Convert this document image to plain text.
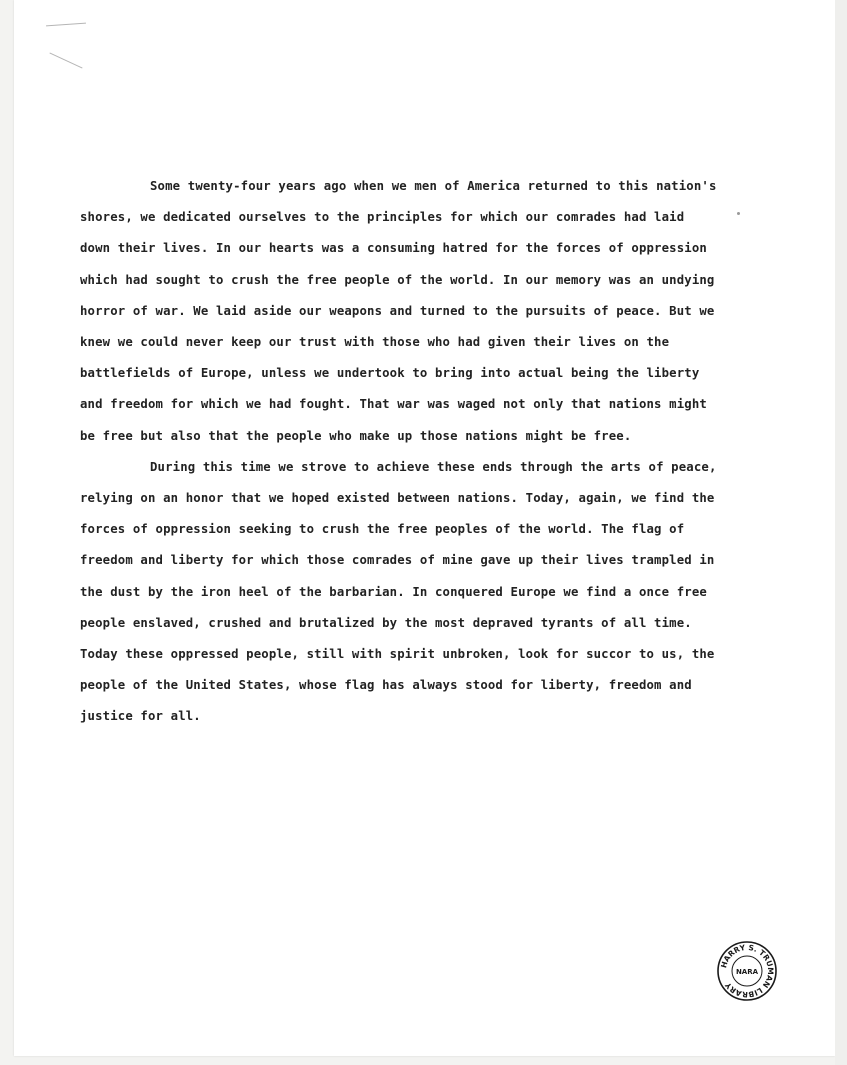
Some twenty-four years ago when we men of America returned to this nation's shores, we dedicated ourselves to the principles for which our comrades had laid down their lives. In our hearts was a consuming hatred for the forces of oppression which had sought to crush the free people of the world. In our memory was an undying horror of war. We laid aside our weapons and turned to the pursuits of peace. But we knew we could never keep our trust with those who had given their lives on the battlefields of Europe, unless we undertook to bring into actual being the liberty and freedom for which we had fought. That war was waged not only that nations might be free but also that the people who make up those nations might be free.

During this time we strove to achieve these ends through the arts of peace, relying on an honor that we hoped existed between nations. Today, again, we find the forces of oppression seeking to crush the free peoples of the world. The flag of freedom and liberty for which those comrades of mine gave up their lives trampled in the dust by the iron heel of the barbarian. In conquered Europe we find a once free people enslaved, crushed and brutalized by the most depraved tyrants of all time. Today these oppressed people, still with spirit unbroken, look for succor to us, the people of the United States, whose flag has always stood for liberty, freedom and justice for all.

HARRY S. TRUMAN LIBRARY
NARA
